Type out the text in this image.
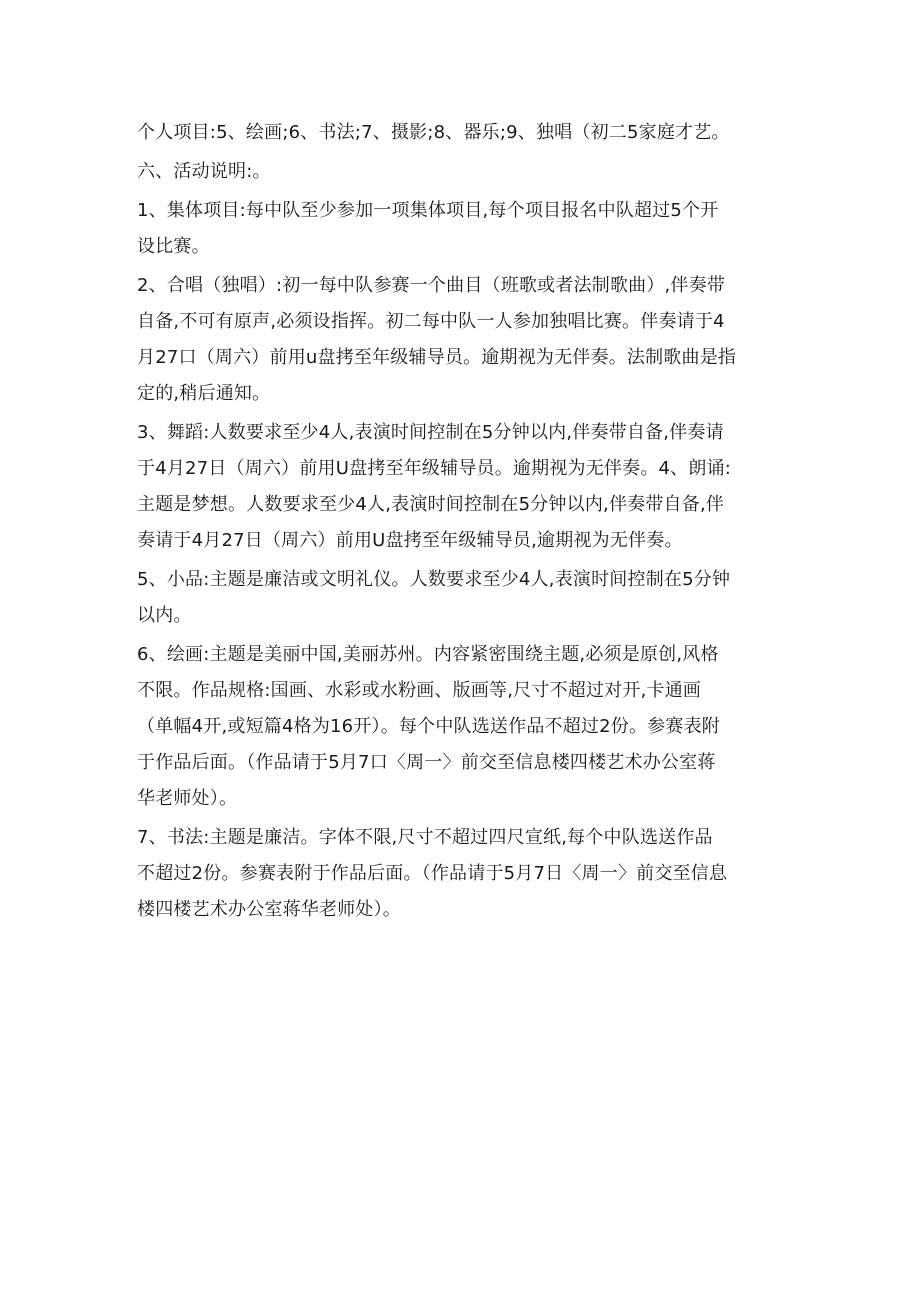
个人项目:5、绘画;6、书法;7、摄影;8、器乐;9、独唱（初二5家庭才艺。
六、活动说明:。
1、集体项目:每中队至少参加一项集体项目,每个项目报名中队超过5个开
设比赛。
2、合唱（独唱）:初一每中队参赛一个曲目（班歌或者法制歌曲）,伴奏带
自备,不可有原声,必须设指挥。初二每中队一人参加独唱比赛。伴奏请于4
月27口（周六）前用u盘拷至年级辅导员。逾期视为无伴奏。法制歌曲是指
定的,稍后通知。
3、舞蹈:人数要求至少4人,表演时间控制在5分钟以内,伴奏带自备,伴奏请
于4月27日（周六）前用U盘拷至年级辅导员。逾期视为无伴奏。4、朗诵:
主题是梦想。人数要求至少4人,表演时间控制在5分钟以内,伴奏带自备,伴
奏请于4月27日（周六）前用U盘拷至年级辅导员,逾期视为无伴奏。
5、小品:主题是廉洁或文明礼仪。人数要求至少4人,表演时间控制在5分钟
以内。
6、绘画:主题是美丽中国,美丽苏州。内容紧密围绕主题,必须是原创,风格
不限。作品规格:国画、水彩或水粉画、版画等,尺寸不超过对开,卡通画
（单幅4开,或短篇4格为16开）。每个中队选送作品不超过2份。参赛表附
于作品后面。（作品请于5月7口〈周一〉前交至信息楼四楼艺术办公室蒋
华老师处）。
7、书法:主题是廉洁。字体不限,尺寸不超过四尺宣纸,每个中队选送作品
不超过2份。参赛表附于作品后面。（作品请于5月7日〈周一〉前交至信息
楼四楼艺术办公室蒋华老师处）。
